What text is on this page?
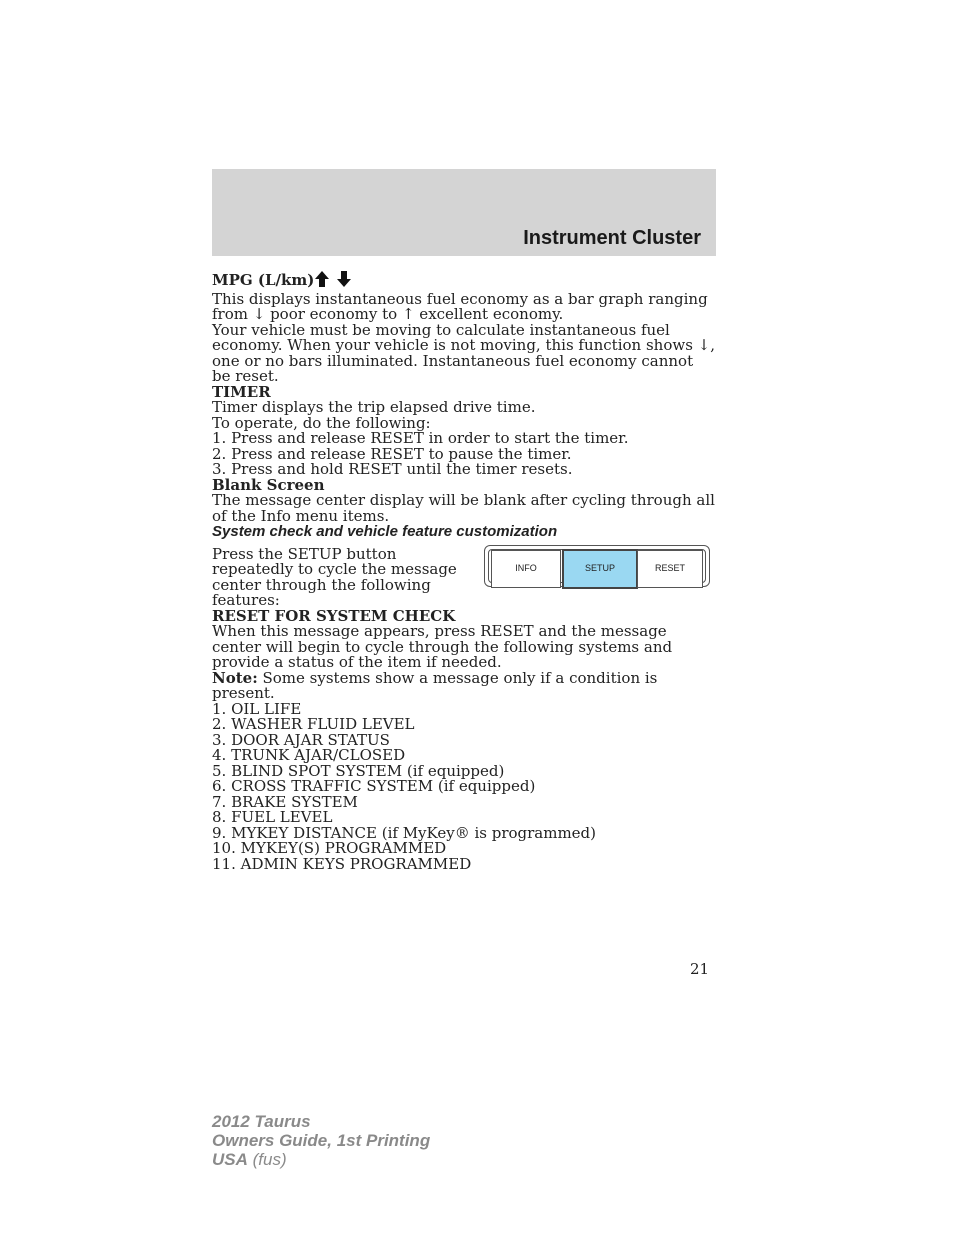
Instrument Cluster

MPG (L/km)

This displays instantaneous fuel economy as a bar graph ranging from ↓ poor economy to ↑ excellent economy.

Your vehicle must be moving to calculate instantaneous fuel economy. When your vehicle is not moving, this function shows ↓, one or no bars illuminated. Instantaneous fuel economy cannot be reset.

TIMER

Timer displays the trip elapsed drive time.

To operate, do the following:

1. Press and release RESET in order to start the timer.

2. Press and release RESET to pause the timer.

3. Press and hold RESET until the timer resets.

Blank Screen

The message center display will be blank after cycling through all of the Info menu items.

System check and vehicle feature customization

Press the SETUP button repeatedly to cycle the message center through the following features:

INFO	SETUP	RESET

RESET FOR SYSTEM CHECK

When this message appears, press RESET and the message center will begin to cycle through the following systems and provide a status of the item if needed.

Note: Some systems show a message only if a condition is present.

1. OIL LIFE

2. WASHER FLUID LEVEL

3. DOOR AJAR STATUS

4. TRUNK AJAR/CLOSED

5. BLIND SPOT SYSTEM (if equipped)

6. CROSS TRAFFIC SYSTEM (if equipped)

7. BRAKE SYSTEM

8. FUEL LEVEL

9. MYKEY DISTANCE (if MyKey® is programmed)

10. MYKEY(S) PROGRAMMED

11. ADMIN KEYS PROGRAMMED

21
2012 Taurus
Owners Guide, 1st Printing
USA (fus)
